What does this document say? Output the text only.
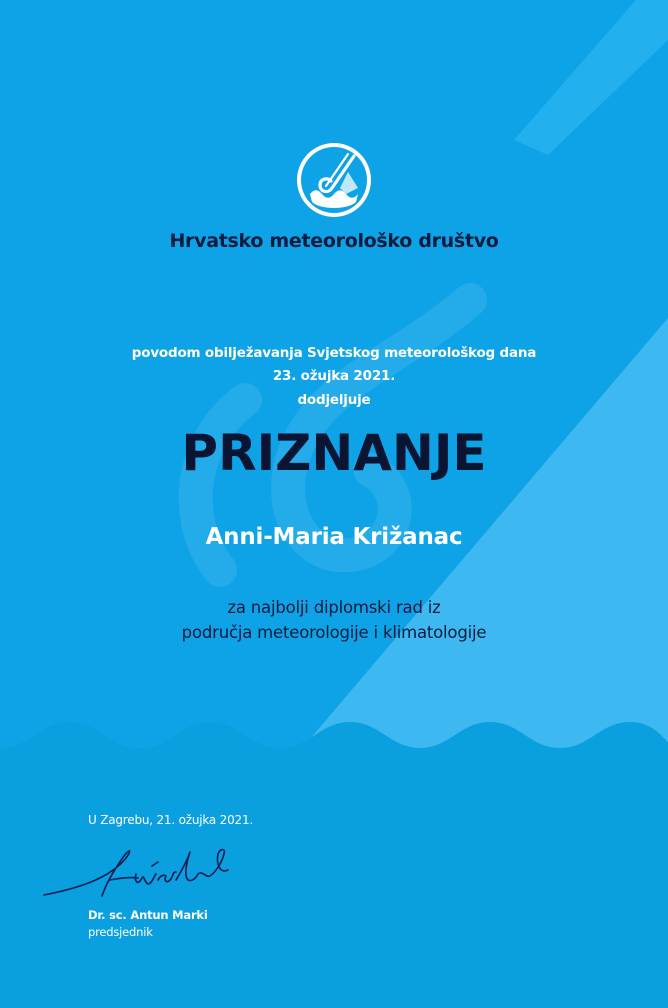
Hrvatsko meteorološko društvo
povodom obilježavanja Svjetskog meteorološkog dana
23. ožujka 2021.
dodjeljuje
PRIZNANJE
Anni-Maria Križanac
za najbolji diplomski rad iz
područja meteorologije i klimatologije
U Zagrebu, 21. ožujka 2021.
Dr. sc. Antun Marki
predsjednik
